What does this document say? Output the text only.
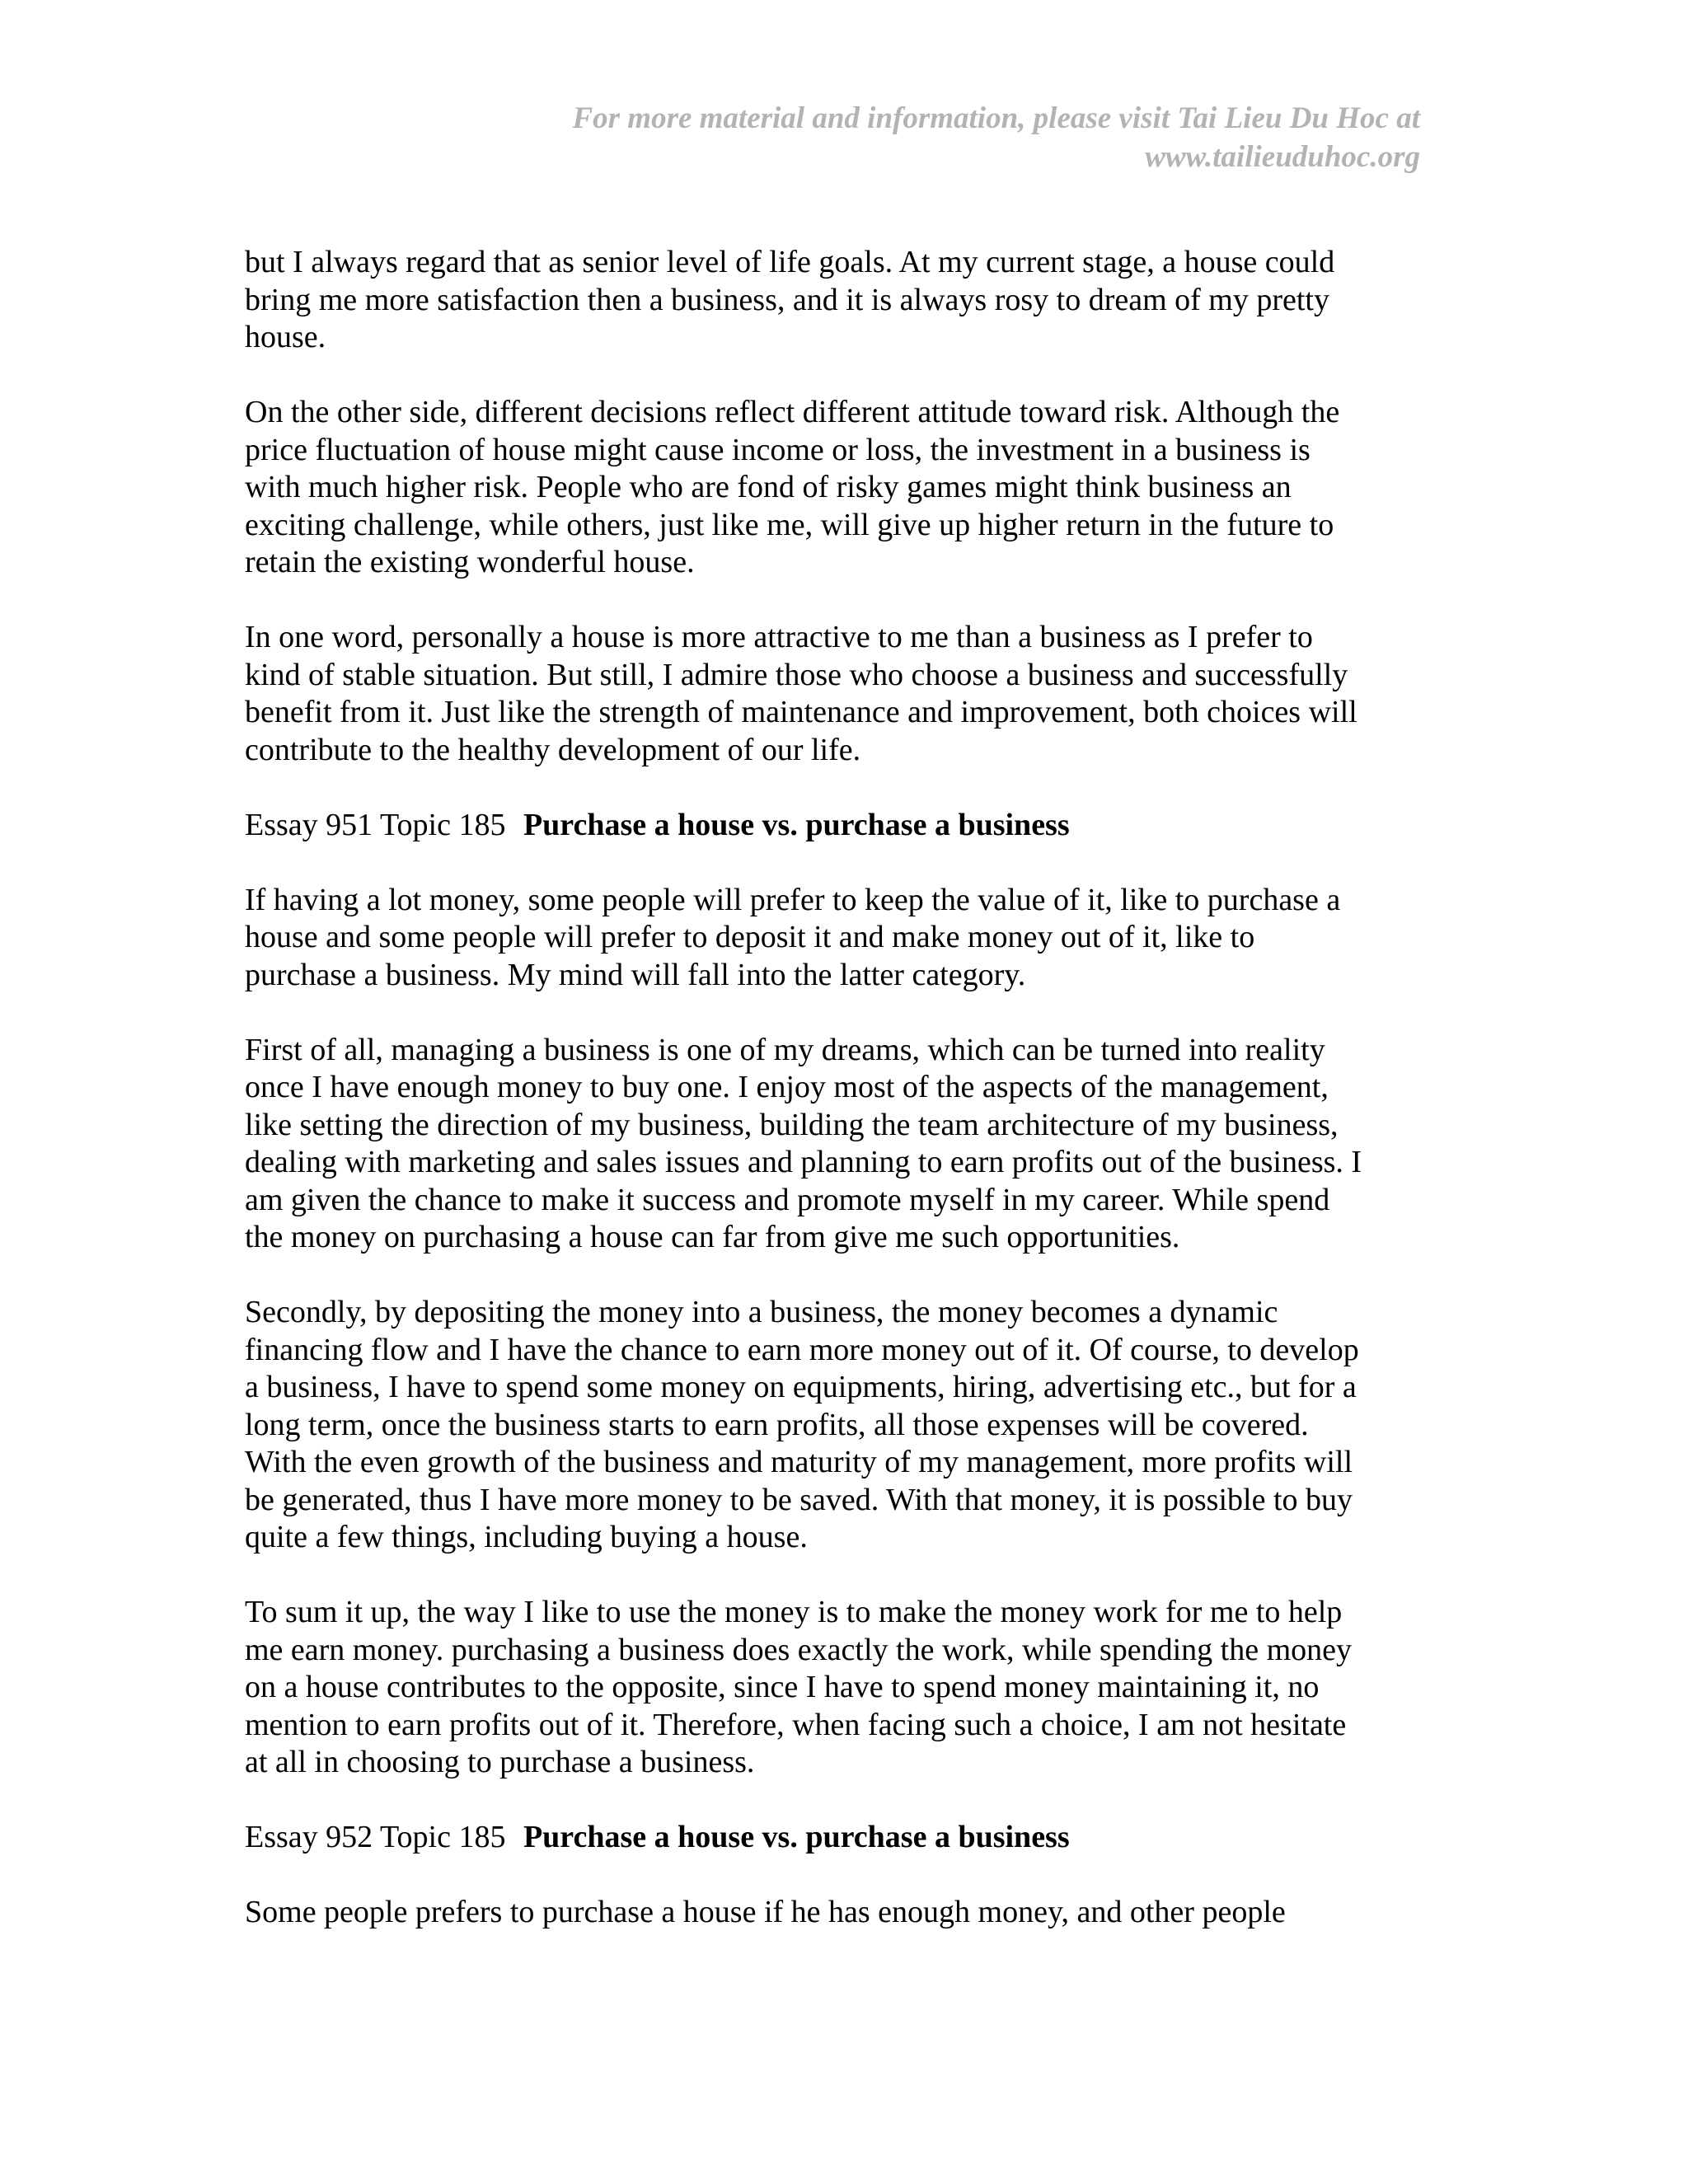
For more material and information, please visit Tai Lieu Du Hoc at
www.tailieuduhoc.org

but I always regard that as senior level of life goals. At my current stage, a house could
bring me more satisfaction then a business, and it is always rosy to dream of my pretty
house.

On the other side, different decisions reflect different attitude toward risk. Although the
price fluctuation of house might cause income or loss, the investment in a business is
with much higher risk. People who are fond of risky games might think business an
exciting challenge, while others, just like me, will give up higher return in the future to
retain the existing wonderful house.

In one word, personally a house is more attractive to me than a business as I prefer to
kind of stable situation. But still, I admire those who choose a business and successfully
benefit from it. Just like the strength of maintenance and improvement, both choices will
contribute to the healthy development of our life.

Essay 951 Topic 185 Purchase a house vs. purchase a business

If having a lot money, some people will prefer to keep the value of it, like to purchase a
house and some people will prefer to deposit it and make money out of it, like to
purchase a business. My mind will fall into the latter category.

First of all, managing a business is one of my dreams, which can be turned into reality
once I have enough money to buy one. I enjoy most of the aspects of the management,
like setting the direction of my business, building the team architecture of my business,
dealing with marketing and sales issues and planning to earn profits out of the business. I
am given the chance to make it success and promote myself in my career. While spend
the money on purchasing a house can far from give me such opportunities.

Secondly, by depositing the money into a business, the money becomes a dynamic
financing flow and I have the chance to earn more money out of it. Of course, to develop
a business, I have to spend some money on equipments, hiring, advertising etc., but for a
long term, once the business starts to earn profits, all those expenses will be covered.
With the even growth of the business and maturity of my management, more profits will
be generated, thus I have more money to be saved. With that money, it is possible to buy
quite a few things, including buying a house.

To sum it up, the way I like to use the money is to make the money work for me to help
me earn money. purchasing a business does exactly the work, while spending the money
on a house contributes to the opposite, since I have to spend money maintaining it, no
mention to earn profits out of it. Therefore, when facing such a choice, I am not hesitate
at all in choosing to purchase a business.

Essay 952 Topic 185 Purchase a house vs. purchase a business

Some people prefers to purchase a house if he has enough money, and other people
